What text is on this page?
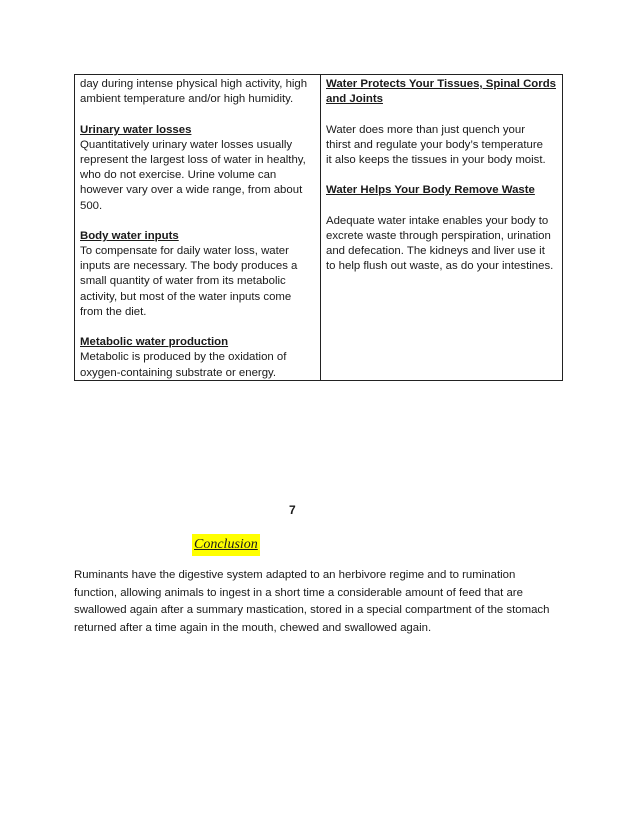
day during intense physical high activity, high
ambient temperature and/or high humidity.
Urinary water losses
Quantitatively urinary water losses usually
represent the largest loss of water in healthy,
who do not exercise. Urine volume can
however vary over a wide range, from about
500.
Body water inputs
To compensate for daily water loss, water
inputs are necessary. The body produces a
small quantity of water from its metabolic
activity, but most of the water inputs come
from the diet.
Metabolic water production
Metabolic is produced by the oxidation of
oxygen-containing substrate or energy.
Water Protects Your Tissues, Spinal Cords
and Joints
Water does more than just quench your
thirst and regulate your body’s temperature
it also keeps the tissues in your body moist.
Water Helps Your Body Remove Waste
Adequate water intake enables your body to
excrete waste through perspiration, urination
and defecation. The kidneys and liver use it
to help flush out waste, as do your intestines.
7
Conclusion
Ruminants have the digestive system adapted to an herbivore regime and to rumination
function, allowing animals to ingest in a short time a considerable amount of feed that are
swallowed again after a summary mastication, stored in a special compartment of the stomach
returned after a time again in the mouth, chewed and swallowed again.
